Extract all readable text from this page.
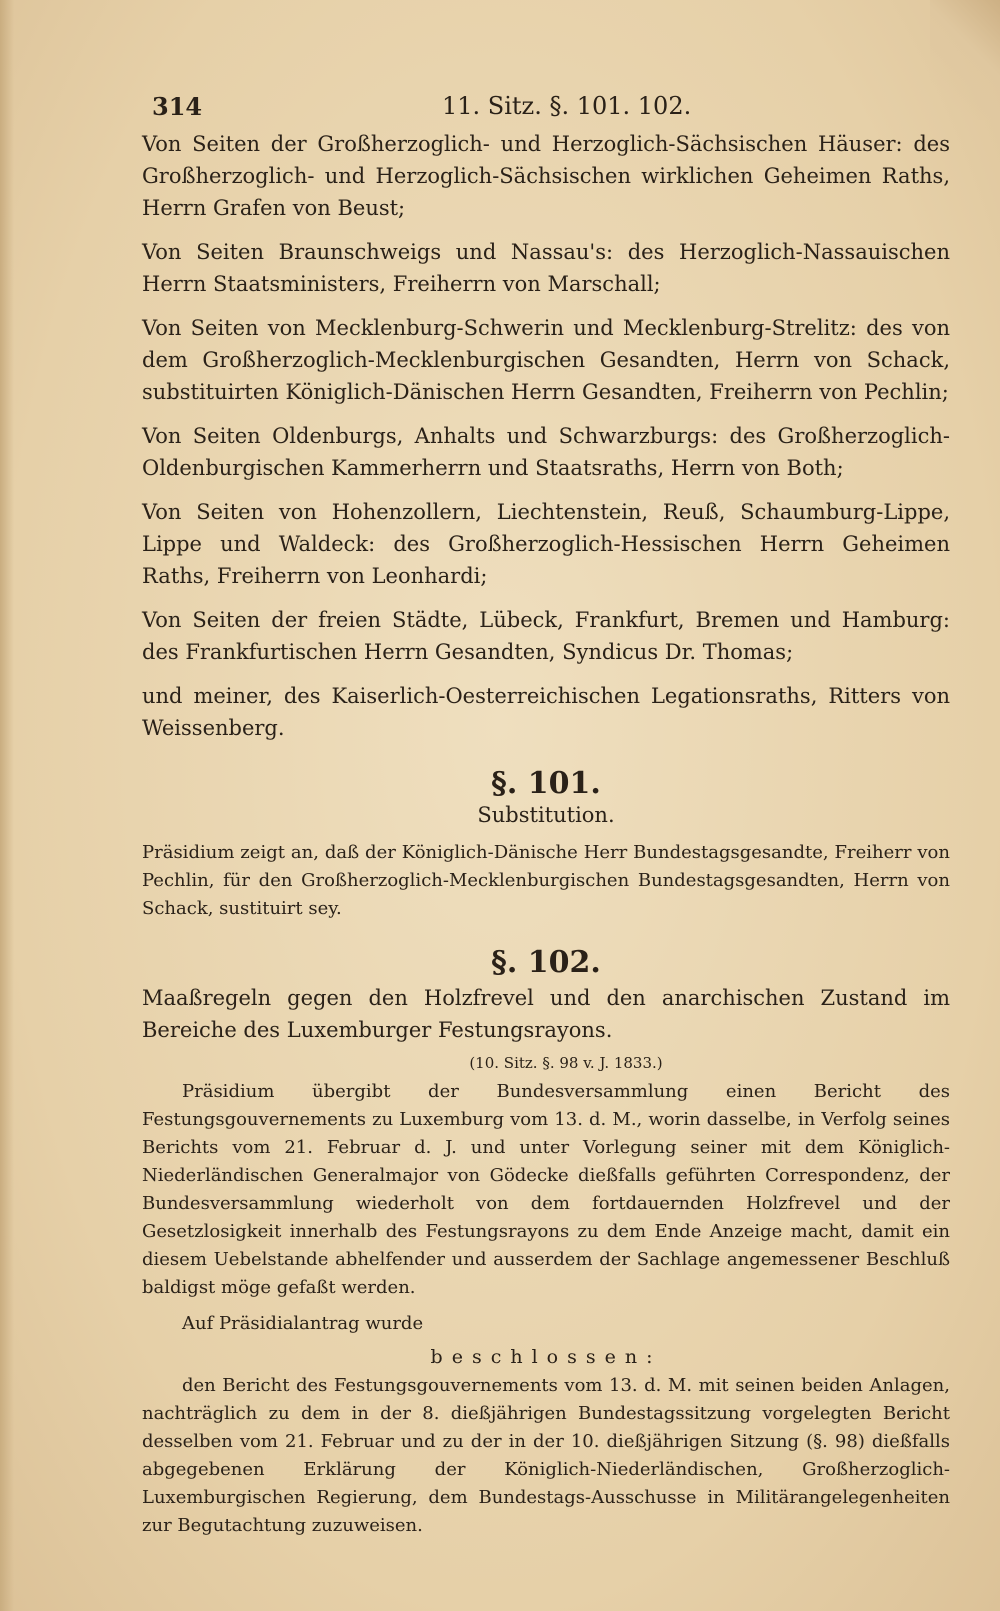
314	11. Sitz. §. 101. 102.

Von Seiten der Großherzoglich- und Herzoglich-Sächsischen Häuser: des Großherzoglich- und Herzoglich-Sächsischen wirklichen Geheimen Raths, Herrn Grafen von Beust;

Von Seiten Braunschweigs und Nassau's: des Herzoglich-Nassauischen Herrn Staatsministers, Freiherrn von Marschall;

Von Seiten von Mecklenburg-Schwerin und Mecklenburg-Strelitz: des von dem Großherzoglich-Mecklenburgischen Gesandten, Herrn von Schack, substituirten Königlich-Dänischen Herrn Gesandten, Freiherrn von Pechlin;

Von Seiten Oldenburgs, Anhalts und Schwarzburgs: des Großherzoglich-Oldenburgischen Kammerherrn und Staatsraths, Herrn von Both;

Von Seiten von Hohenzollern, Liechtenstein, Reuß, Schaumburg-Lippe, Lippe und Waldeck: des Großherzoglich-Hessischen Herrn Geheimen Raths, Freiherrn von Leonhardi;

Von Seiten der freien Städte, Lübeck, Frankfurt, Bremen und Hamburg: des Frankfurtischen Herrn Gesandten, Syndicus Dr. Thomas;

und meiner, des Kaiserlich-Oesterreichischen Legationsraths, Ritters von Weissenberg.

§. 101.
Substitution.

Präsidium zeigt an, daß der Königlich-Dänische Herr Bundestagsgesandte, Freiherr von Pechlin, für den Großherzoglich-Mecklenburgischen Bundestagsgesandten, Herrn von Schack, sustituirt sey.

§. 102.

Maaßregeln gegen den Holzfrevel und den anarchischen Zustand im Bereiche des Luxemburger Festungsrayons.

(10. Sitz. §. 98 v. J. 1833.)

Präsidium übergibt der Bundesversammlung einen Bericht des Festungsgouvernements zu Luxemburg vom 13. d. M., worin dasselbe, in Verfolg seines Berichts vom 21. Februar d. J. und unter Vorlegung seiner mit dem Königlich-Niederländischen Generalmajor von Gödecke dießfalls geführten Correspondenz, der Bundesversammlung wiederholt von dem fortdauernden Holzfrevel und der Gesetzlosigkeit innerhalb des Festungsrayons zu dem Ende Anzeige macht, damit ein diesem Uebelstande abhelfender und ausserdem der Sachlage angemessener Beschluß baldigst möge gefaßt werden.

Auf Präsidialantrag wurde

beschlossen:

den Bericht des Festungsgouvernements vom 13. d. M. mit seinen beiden Anlagen, nachträglich zu dem in der 8. dießjährigen Bundestagssitzung vorgelegten Bericht desselben vom 21. Februar und zu der in der 10. dießjährigen Sitzung (§. 98) dießfalls abgegebenen Erklärung der Königlich-Niederländischen, Großherzoglich-Luxemburgischen Regierung, dem Bundestags-Ausschusse in Militärangelegenheiten zur Begutachtung zuzuweisen.
